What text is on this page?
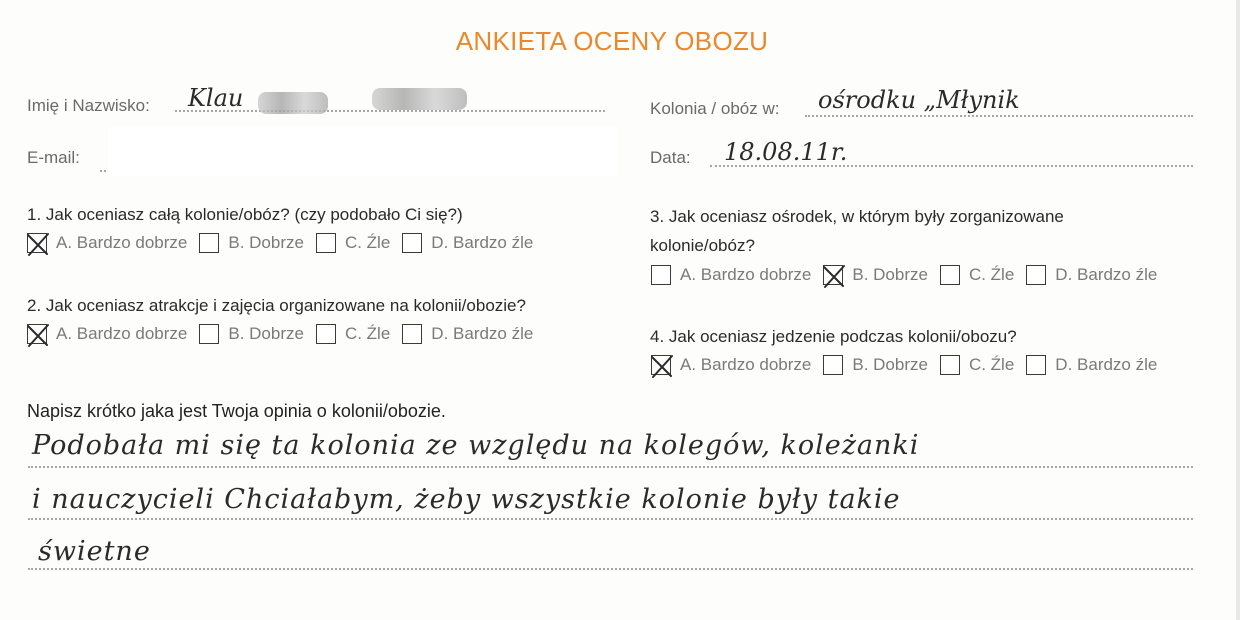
ANKIETA OCENY OBOZU
Imię i Nazwisko: Klau
E-mail:
Kolonia / obóz w: ośrodku „Młynik
Data: 18.08.11r.
1. Jak oceniasz całą kolonie/obóz? (czy podobało Ci się?)
A. Bardzo dobrze B. Dobrze C. Źle D. Bardzo źle
2. Jak oceniasz atrakcje i zajęcia organizowane na kolonii/obozie?
A. Bardzo dobrze B. Dobrze C. Źle D. Bardzo źle
3. Jak oceniasz ośrodek, w którym były zorganizowane
kolonie/obóz?
A. Bardzo dobrze B. Dobrze C. Źle D. Bardzo źle
4. Jak oceniasz jedzenie podczas kolonii/obozu?
A. Bardzo dobrze B. Dobrze C. Źle D. Bardzo źle
Napisz krótko jaka jest Twoja opinia o kolonii/obozie.
Podobała mi się ta kolonia ze względu na kolegów, koleżanki
i nauczycieli Chciałabym, żeby wszystkie kolonie były takie
świetne
